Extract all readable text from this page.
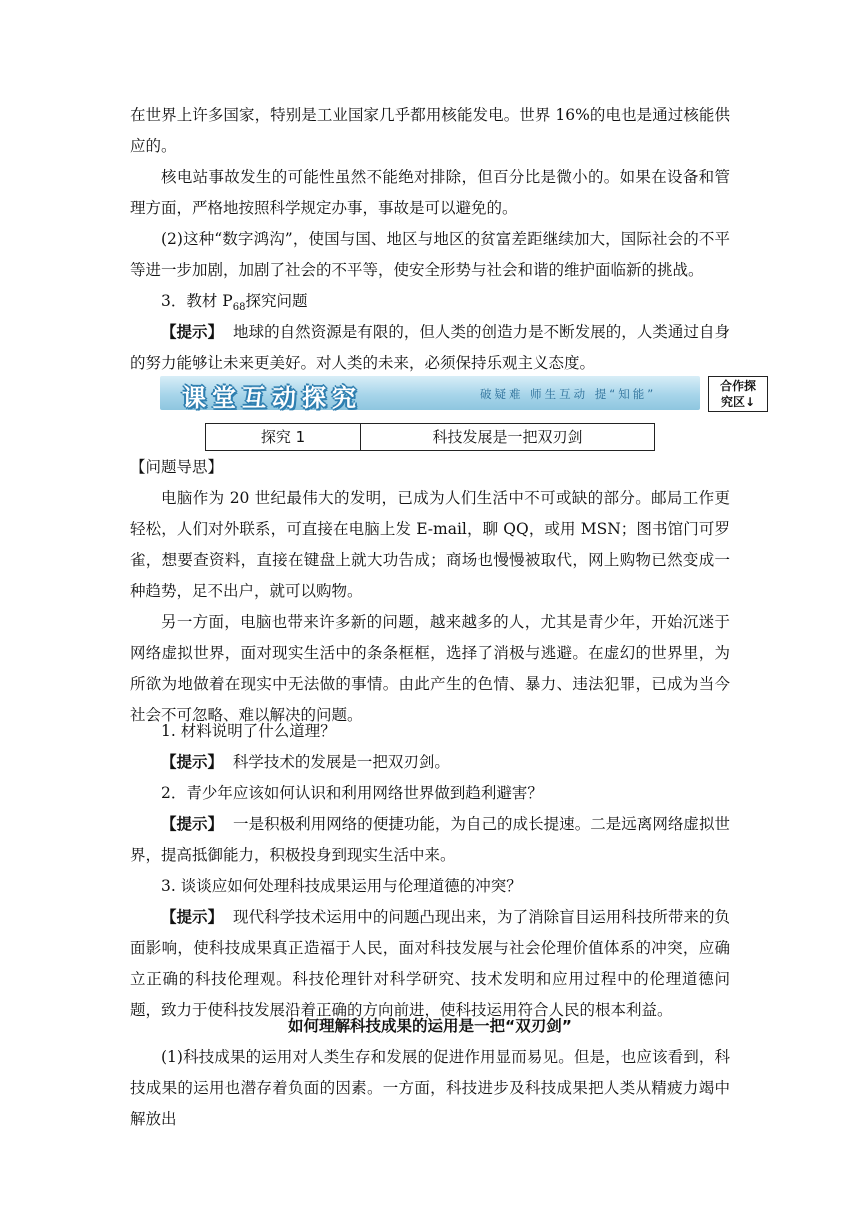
在世界上许多国家，特别是工业国家几乎都用核能发电。世界 16%的电也是通过核能供应的。

核电站事故发生的可能性虽然不能绝对排除，但百分比是微小的。如果在设备和管理方面，严格地按照科学规定办事，事故是可以避免的。

(2)这种“数字鸿沟”，使国与国、地区与地区的贫富差距继续加大，国际社会的不平等进一步加剧，加剧了社会的不平等，使安全形势与社会和谐的维护面临新的挑战。

3．教材 $P_{68}$探究问题

【提示】 地球的自然资源是有限的，但人类的创造力是不断发展的，人类通过自身的努力能够让未来更美好。对人类的未来，必须保持乐观主义态度。

课堂互动探究	破疑难 师生互动 提“知能”
合作探
究区↓
探究 1	科技发展是一把双刃剑

【问题导思】

电脑作为 20 世纪最伟大的发明，已成为人们生活中不可或缺的部分。邮局工作更轻松，人们对外联系，可直接在电脑上发 E-mail，聊 QQ，或用 MSN；图书馆门可罗雀，想要查资料，直接在键盘上就大功告成；商场也慢慢被取代，网上购物已然变成一种趋势，足不出户，就可以购物。

另一方面，电脑也带来许多新的问题，越来越多的人，尤其是青少年，开始沉迷于网络虚拟世界，面对现实生活中的条条框框，选择了消极与逃避。在虚幻的世界里，为所欲为地做着在现实中无法做的事情。由此产生的色情、暴力、违法犯罪，已成为当今社会不可忽略、难以解决的问题。

1. 材料说明了什么道理？

【提示】 科学技术的发展是一把双刃剑。

2．青少年应该如何认识和利用网络世界做到趋利避害？

【提示】 一是积极利用网络的便捷功能，为自己的成长提速。二是远离网络虚拟世界，提高抵御能力，积极投身到现实生活中来。

3. 谈谈应如何处理科技成果运用与伦理道德的冲突？

【提示】 现代科学技术运用中的问题凸现出来，为了消除盲目运用科技所带来的负面影响，使科技成果真正造福于人民，面对科技发展与社会伦理价值体系的冲突，应确立正确的科技伦理观。科技伦理针对科学研究、技术发明和应用过程中的伦理道德问题，致力于使科技发展沿着正确的方向前进，使科技运用符合人民的根本利益。

如何理解科技成果的运用是一把“双刃剑”

(1)科技成果的运用对人类生存和发展的促进作用显而易见。但是，也应该看到，科技成果的运用也潜存着负面的因素。一方面，科技进步及科技成果把人类从精疲力竭中解放出
